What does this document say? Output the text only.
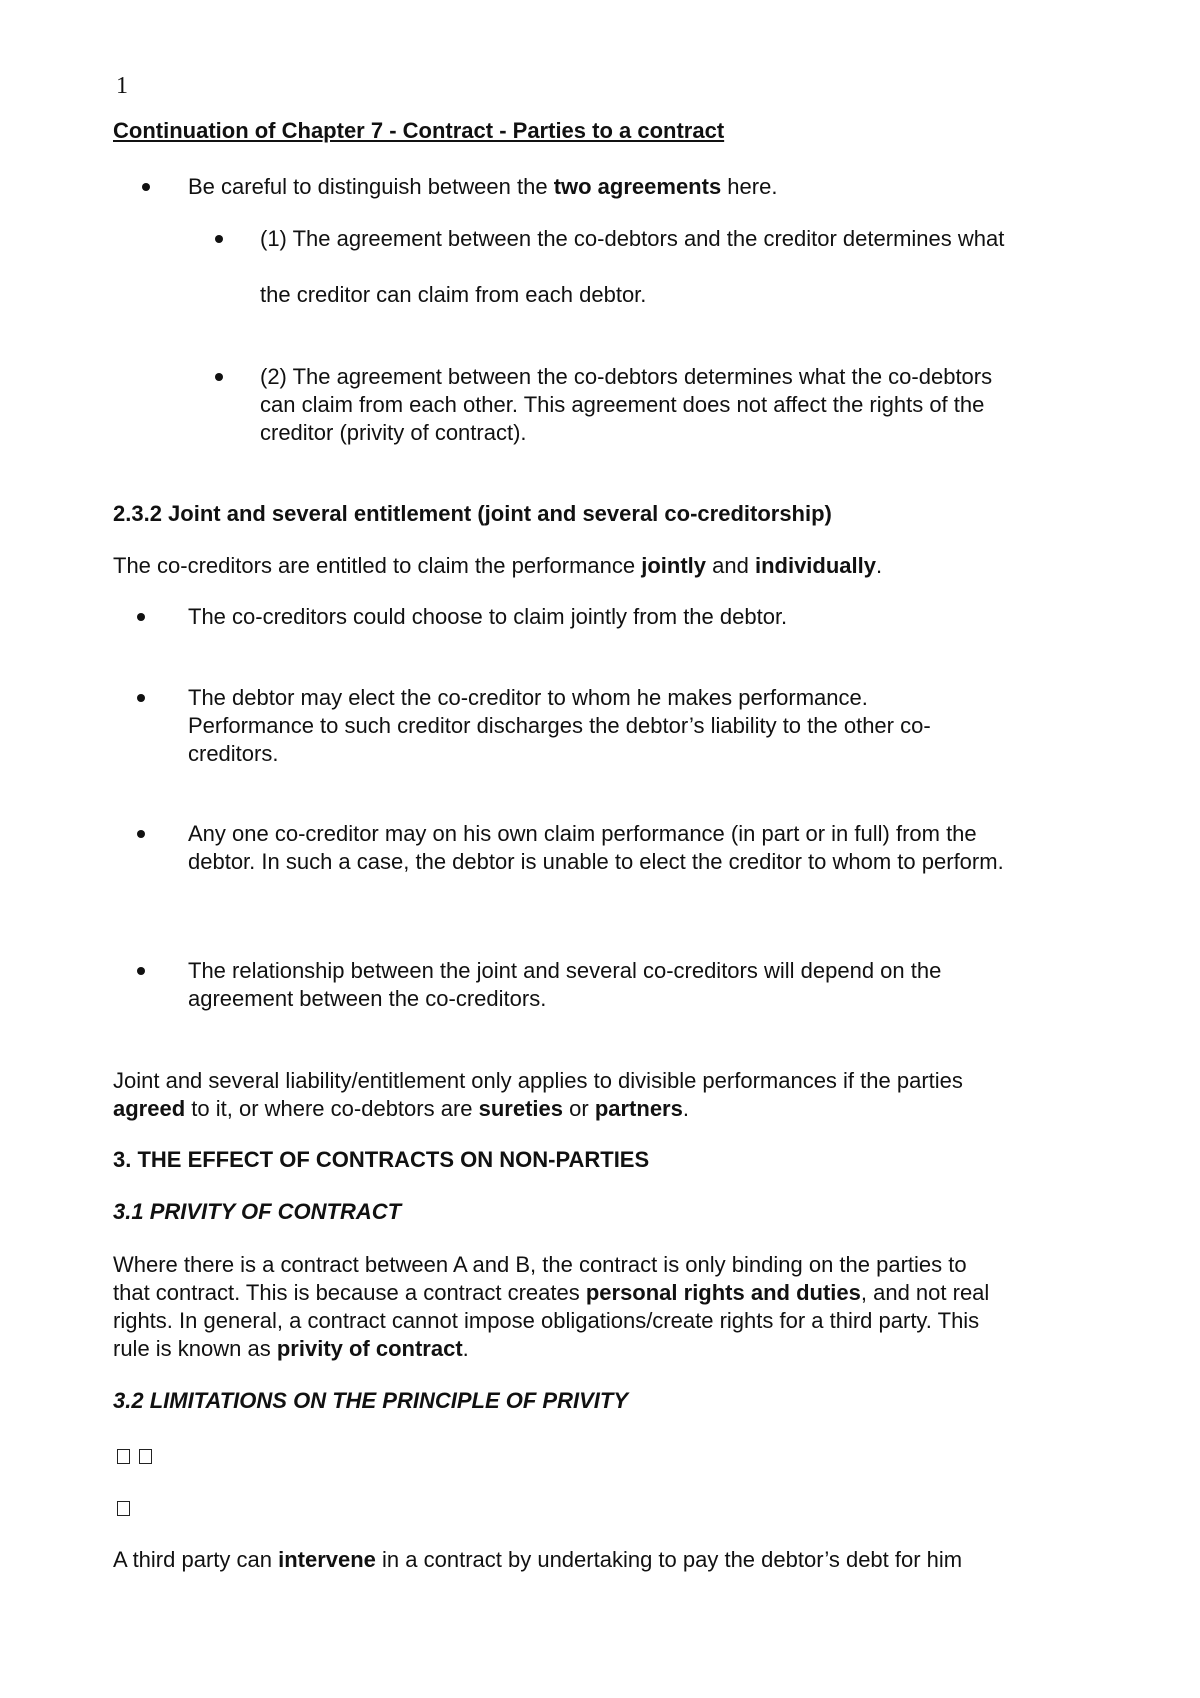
1
Continuation of Chapter 7 - Contract - Parties to a contract
Be careful to distinguish between the two agreements here.
(1) The agreement between the co-debtors and the creditor determines what
the creditor can claim from each debtor.
(2) The agreement between the co-debtors determines what the co-debtors
can claim from each other. This agreement does not affect the rights of the
creditor (privity of contract).
2.3.2 Joint and several entitlement (joint and several co-creditorship)
The co-creditors are entitled to claim the performance jointly and individually.
The co-creditors could choose to claim jointly from the debtor.
The debtor may elect the co-creditor to whom he makes performance.
Performance to such creditor discharges the debtor’s liability to the other co-
creditors.
Any one co-creditor may on his own claim performance (in part or in full) from the
debtor. In such a case, the debtor is unable to elect the creditor to whom to perform.
The relationship between the joint and several co-creditors will depend on the
agreement between the co-creditors.
Joint and several liability/entitlement only applies to divisible performances if the parties
agreed to it, or where co-debtors are sureties or partners.
3. THE EFFECT OF CONTRACTS ON NON-PARTIES
3.1 PRIVITY OF CONTRACT
Where there is a contract between A and B, the contract is only binding on the parties to
that contract. This is because a contract creates personal rights and duties, and not real
rights. In general, a contract cannot impose obligations/create rights for a third party. This
rule is known as privity of contract.
3.2 LIMITATIONS ON THE PRINCIPLE OF PRIVITY
A third party can intervene in a contract by undertaking to pay the debtor’s debt for him
